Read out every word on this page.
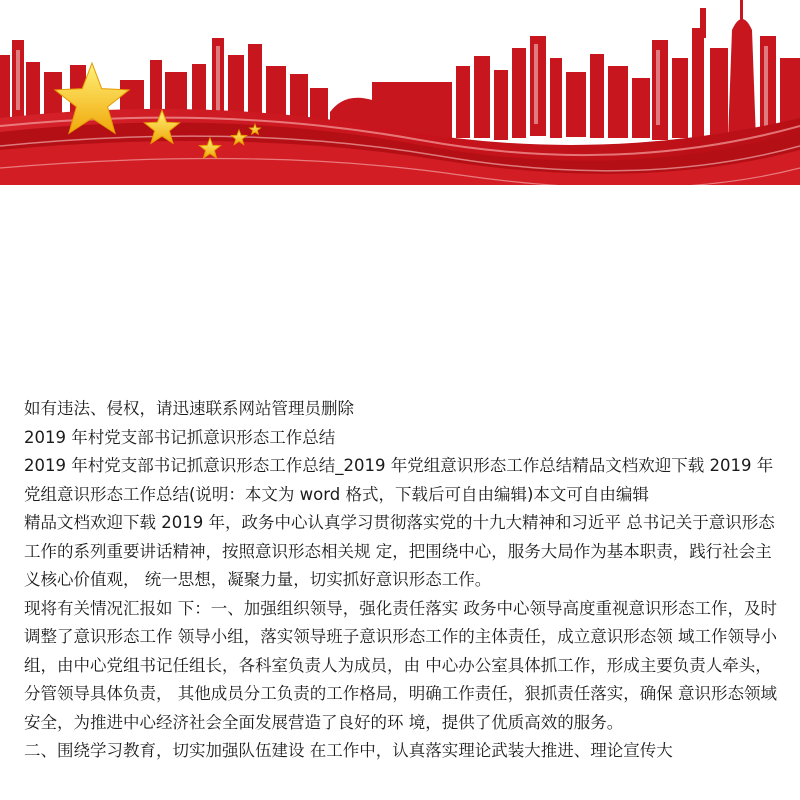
如有违法、侵权，请迅速联系网站管理员删除

2019 年村党支部书记抓意识形态工作总结

2019 年村党支部书记抓意识形态工作总结_2019 年党组意识形态工作总结精品文档欢迎下载 2019 年党组意识形态工作总结(说明：本文为 word 格式，下载后可自由编辑)本文可自由编辑

精品文档欢迎下载 2019 年，政务中心认真学习贯彻落实党的十九大精神和习近平 总书记关于意识形态工作的系列重要讲话精神，按照意识形态相关规 定，把围绕中心，服务大局作为基本职责，践行社会主义核心价值观， 统一思想，凝聚力量，切实抓好意识形态工作。

现将有关情况汇报如 下：一、加强组织领导，强化责任落实 政务中心领导高度重视意识形态工作，及时调整了意识形态工作 领导小组，落实领导班子意识形态工作的主体责任，成立意识形态领 域工作领导小组，由中心党组书记任组长，各科室负责人为成员，由 中心办公室具体抓工作，形成主要负责人牵头，分管领导具体负责， 其他成员分工负责的工作格局，明确工作责任，狠抓责任落实，确保 意识形态领域安全，为推进中心经济社会全面发展营造了良好的环 境，提供了优质高效的服务。

二、围绕学习教育，切实加强队伍建设 在工作中，认真落实理论武装大推进、理论宣传大
